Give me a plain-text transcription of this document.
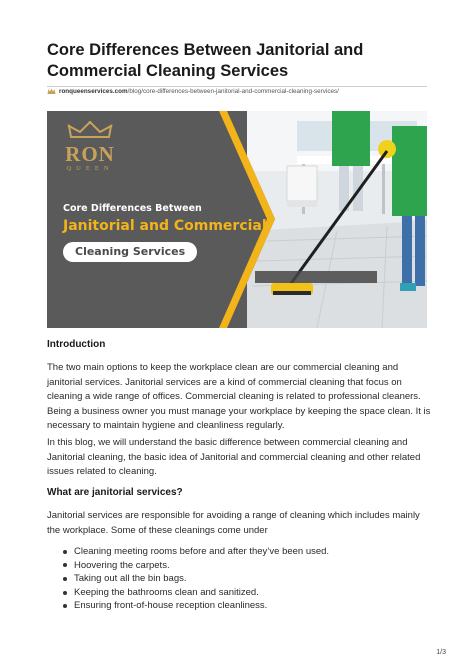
Core Differences Between Janitorial and Commercial Cleaning Services
ronqueenservices.com/blog/core-differences-between-janitorial-and-commercial-cleaning-services/
RON
QUEEN
Core Differences Between
Janitorial and Commercial
Cleaning Services
Introduction

The two main options to keep the workplace clean are our commercial cleaning and janitorial services. Janitorial services are a kind of commercial cleaning that focus on cleaning a wide range of offices. Commercial cleaning is related to professional cleaners. Being a business owner you must manage your workplace by keeping the space clean. It is necessary to maintain hygiene and cleanliness regularly.

In this blog, we will understand the basic difference between commercial cleaning and Janitorial cleaning, the basic idea of Janitorial and commercial cleaning and other related issues related to cleaning.

What are janitorial services?

Janitorial services are responsible for avoiding a range of cleaning which includes mainly the workplace. Some of these cleanings come under

Cleaning meeting rooms before and after they’ve been used.
Hoovering the carpets.
Taking out all the bin bags.
Keeping the bathrooms clean and sanitized.
Ensuring front-of-house reception cleanliness.
1/3
